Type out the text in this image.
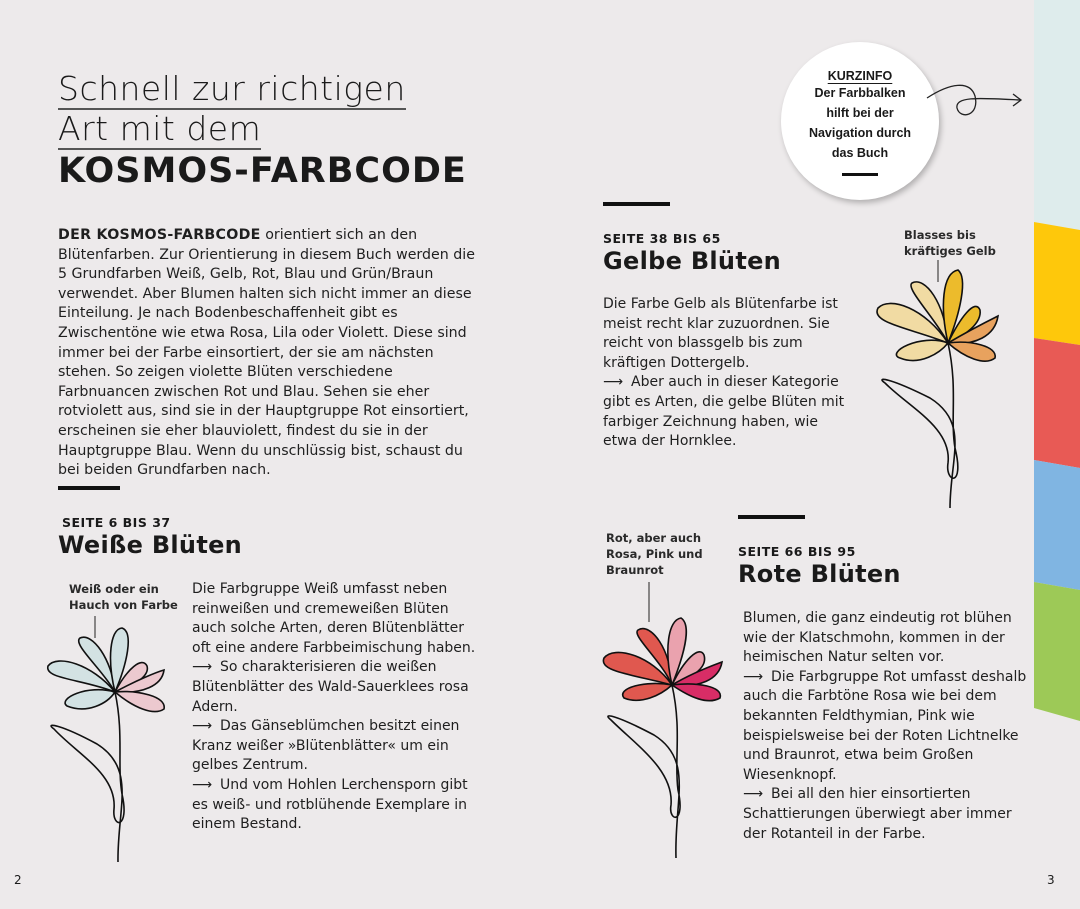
Schnell zur richtigen
Art mit dem
KOSMOS-FARBCODE
DER KOSMOS-FARBCODE orientiert sich an den Blütenfarben. Zur Orientierung in diesem Buch werden die 5 Grundfarben Weiß, Gelb, Rot, Blau und Grün/Braun verwendet. Aber Blumen halten sich nicht immer an diese Einteilung. Je nach Bodenbeschaffenheit gibt es Zwischentöne wie etwa Rosa, Lila oder Violett. Diese sind immer bei der Farbe einsortiert, der sie am nächsten stehen. So zeigen violette Blüten verschiedene Farbnuancen zwischen Rot und Blau. Sehen sie eher rotviolett aus, sind sie in der Hauptgruppe Rot einsortiert, erscheinen sie eher blauviolett, findest du sie in der Hauptgruppe Blau. Wenn du unschlüssig bist, schaust du bei beiden Grundfarben nach.
KURZINFO
Der Farbbalken
hilft bei der
Navigation durch
das Buch
SEITE 38 BIS 65
Gelbe Blüten

Die Farbe Gelb als Blütenfarbe ist meist recht klar zuzuordnen. Sie reicht von blassgelb bis zum kräftigen Dottergelb.

⟶ Aber auch in dieser Kategorie gibt es Arten, die gelbe Blüten mit farbiger Zeichnung haben, wie etwa der Hornklee.

Blasses bis
kräftiges Gelb
SEITE 6 BIS 37
Weiße Blüten
Weiß oder ein
Hauch von Farbe

Die Farbgruppe Weiß umfasst neben reinweißen und cremeweißen Blüten auch solche Arten, deren Blütenblätter oft eine andere Farbbeimischung haben.

⟶ So charakterisieren die weißen Blütenblätter des Wald-Sauerklees rosa Adern.

⟶ Das Gänseblümchen besitzt einen Kranz weißer »Blütenblätter« um ein gelbes Zentrum.

⟶ Und vom Hohlen Lerchensporn gibt es weiß- und rotblühende Exemplare in einem Bestand.

SEITE 66 BIS 95
Rote Blüten
Rot, aber auch
Rosa, Pink und
Braunrot

Blumen, die ganz eindeutig rot blühen wie der Klatschmohn, kommen in der heimischen Natur selten vor.

⟶ Die Farbgruppe Rot umfasst deshalb auch die Farbtöne Rosa wie bei dem bekannten Feldthymian, Pink wie beispielsweise bei der Roten Lichtnelke und Braunrot, etwa beim Großen Wiesenknopf.

⟶ Bei all den hier einsortierten Schattierungen überwiegt aber immer der Rotanteil in der Farbe.

2	3
